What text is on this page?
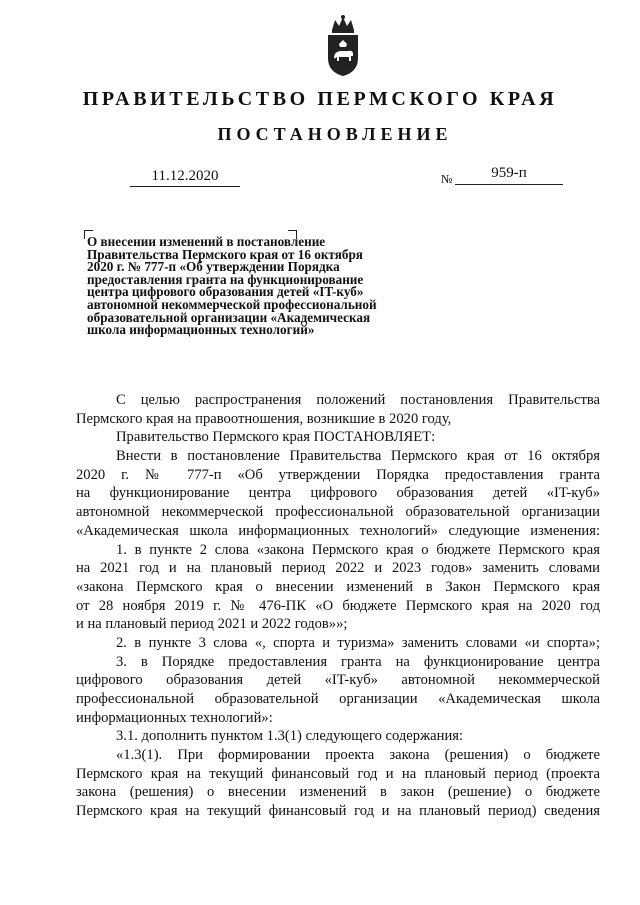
ПРАВИТЕЛЬСТВО ПЕРМСКОГО КРАЯ
ПОСТАНОВЛЕНИЕ
11.12.2020	№	959-п
О внесении изменений в постановление
Правительства Пермского края от 16 октября
2020 г. № 777-п «Об утверждении Порядка
предоставления гранта на функционирование
центра цифрового образования детей «IT-куб»
автономной некоммерческой профессиональной
образовательной организации «Академическая
школа информационных технологий»
С целью распространения положений постановления Правительства
Пермского края на правоотношения, возникшие в 2020 году,
Правительство Пермского края ПОСТАНОВЛЯЕТ:
Внести в постановление Правительства Пермского края от 16 октября
2020 г. № 777-п «Об утверждении Порядка предоставления гранта
на функционирование центра цифрового образования детей «IT-куб»
автономной некоммерческой профессиональной образовательной организации
«Академическая школа информационных технологий» следующие изменения:
1. в пункте 2 слова «закона Пермского края о бюджете Пермского края
на 2021 год и на плановый период 2022 и 2023 годов» заменить словами
«закона Пермского края о внесении изменений в Закон Пермского края
от 28 ноября 2019 г. № 476-ПК «О бюджете Пермского края на 2020 год
и на плановый период 2021 и 2022 годов»»;
2. в пункте 3 слова «, спорта и туризма» заменить словами «и спорта»;
3. в Порядке предоставления гранта на функционирование центра
цифрового образования детей «IT-куб» автономной некоммерческой
профессиональной образовательной организации «Академическая школа
информационных технологий»:
3.1. дополнить пунктом 1.3(1) следующего содержания:
«1.3(1). При формировании проекта закона (решения) о бюджете
Пермского края на текущий финансовый год и на плановый период (проекта
закона (решения) о внесении изменений в закон (решение) о бюджете
Пермского края на текущий финансовый год и на плановый период) сведения
